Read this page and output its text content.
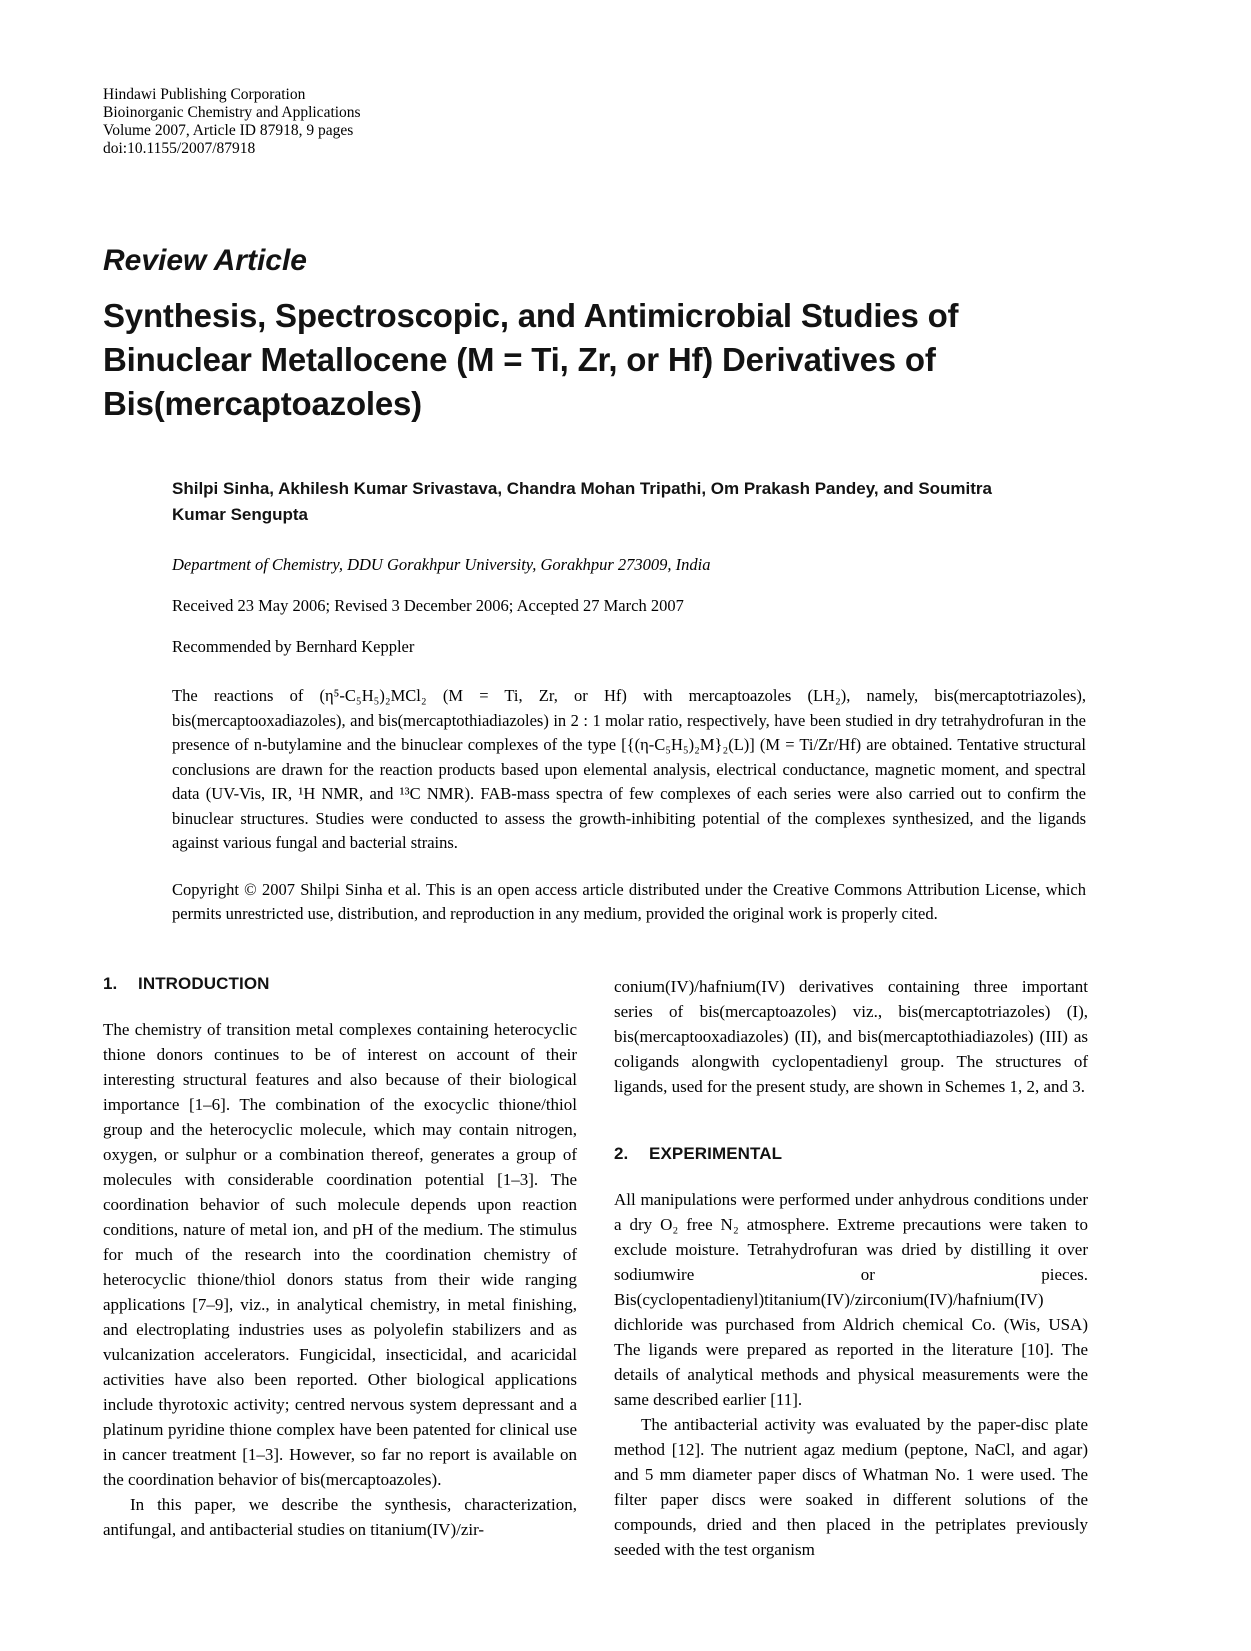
Hindawi Publishing Corporation
Bioinorganic Chemistry and Applications
Volume 2007, Article ID 87918, 9 pages
doi:10.1155/2007/87918
Review Article
Synthesis, Spectroscopic, and Antimicrobial Studies of Binuclear Metallocene (M = Ti, Zr, or Hf) Derivatives of Bis(mercaptoazoles)
Shilpi Sinha, Akhilesh Kumar Srivastava, Chandra Mohan Tripathi, Om Prakash Pandey, and Soumitra Kumar Sengupta
Department of Chemistry, DDU Gorakhpur University, Gorakhpur 273009, India
Received 23 May 2006; Revised 3 December 2006; Accepted 27 March 2007
Recommended by Bernhard Keppler

The reactions of (η⁵-C₅H₅)₂MCl₂ (M = Ti, Zr, or Hf) with mercaptoazoles (LH₂), namely, bis(mercaptotriazoles), bis(mercaptooxadiazoles), and bis(mercaptothiadiazoles) in 2 : 1 molar ratio, respectively, have been studied in dry tetrahydrofuran in the presence of n-butylamine and the binuclear complexes of the type [{(η-C₅H₅)₂M}₂(L)] (M = Ti/Zr/Hf) are obtained. Tentative structural conclusions are drawn for the reaction products based upon elemental analysis, electrical conductance, magnetic moment, and spectral data (UV-Vis, IR, ¹H NMR, and ¹³C NMR). FAB-mass spectra of few complexes of each series were also carried out to confirm the binuclear structures. Studies were conducted to assess the growth-inhibiting potential of the complexes synthesized, and the ligands against various fungal and bacterial strains.

Copyright © 2007 Shilpi Sinha et al. This is an open access article distributed under the Creative Commons Attribution License, which permits unrestricted use, distribution, and reproduction in any medium, provided the original work is properly cited.

1. INTRODUCTION

The chemistry of transition metal complexes containing heterocyclic thione donors continues to be of interest on account of their interesting structural features and also because of their biological importance [1–6]. The combination of the exocyclic thione/thiol group and the heterocyclic molecule, which may contain nitrogen, oxygen, or sulphur or a combination thereof, generates a group of molecules with considerable coordination potential [1–3]. The coordination behavior of such molecule depends upon reaction conditions, nature of metal ion, and pH of the medium. The stimulus for much of the research into the coordination chemistry of heterocyclic thione/thiol donors status from their wide ranging applications [7–9], viz., in analytical chemistry, in metal finishing, and electroplating industries uses as polyolefin stabilizers and as vulcanization accelerators. Fungicidal, insecticidal, and acaricidal activities have also been reported. Other biological applications include thyrotoxic activity; centred nervous system depressant and a platinum pyridine thione complex have been patented for clinical use in cancer treatment [1–3]. However, so far no report is available on the coordination behavior of bis(mercaptoazoles).

In this paper, we describe the synthesis, characterization, antifungal, and antibacterial studies on titanium(IV)/zir-

conium(IV)/hafnium(IV) derivatives containing three important series of bis(mercaptoazoles) viz., bis(mercaptotriazoles) (I), bis(mercaptooxadiazoles) (II), and bis(mercaptothiadiazoles) (III) as coligands alongwith cyclopentadienyl group. The structures of ligands, used for the present study, are shown in Schemes 1, 2, and 3.

2. EXPERIMENTAL

All manipulations were performed under anhydrous conditions under a dry O₂ free N₂ atmosphere. Extreme precautions were taken to exclude moisture. Tetrahydrofuran was dried by distilling it over sodiumwire or pieces. Bis(cyclopentadienyl)titanium(IV)/zirconium(IV)/hafnium(IV) dichloride was purchased from Aldrich chemical Co. (Wis, USA) The ligands were prepared as reported in the literature [10]. The details of analytical methods and physical measurements were the same described earlier [11].

The antibacterial activity was evaluated by the paper-disc plate method [12]. The nutrient agaz medium (peptone, NaCl, and agar) and 5 mm diameter paper discs of Whatman No. 1 were used. The filter paper discs were soaked in different solutions of the compounds, dried and then placed in the petriplates previously seeded with the test organism
